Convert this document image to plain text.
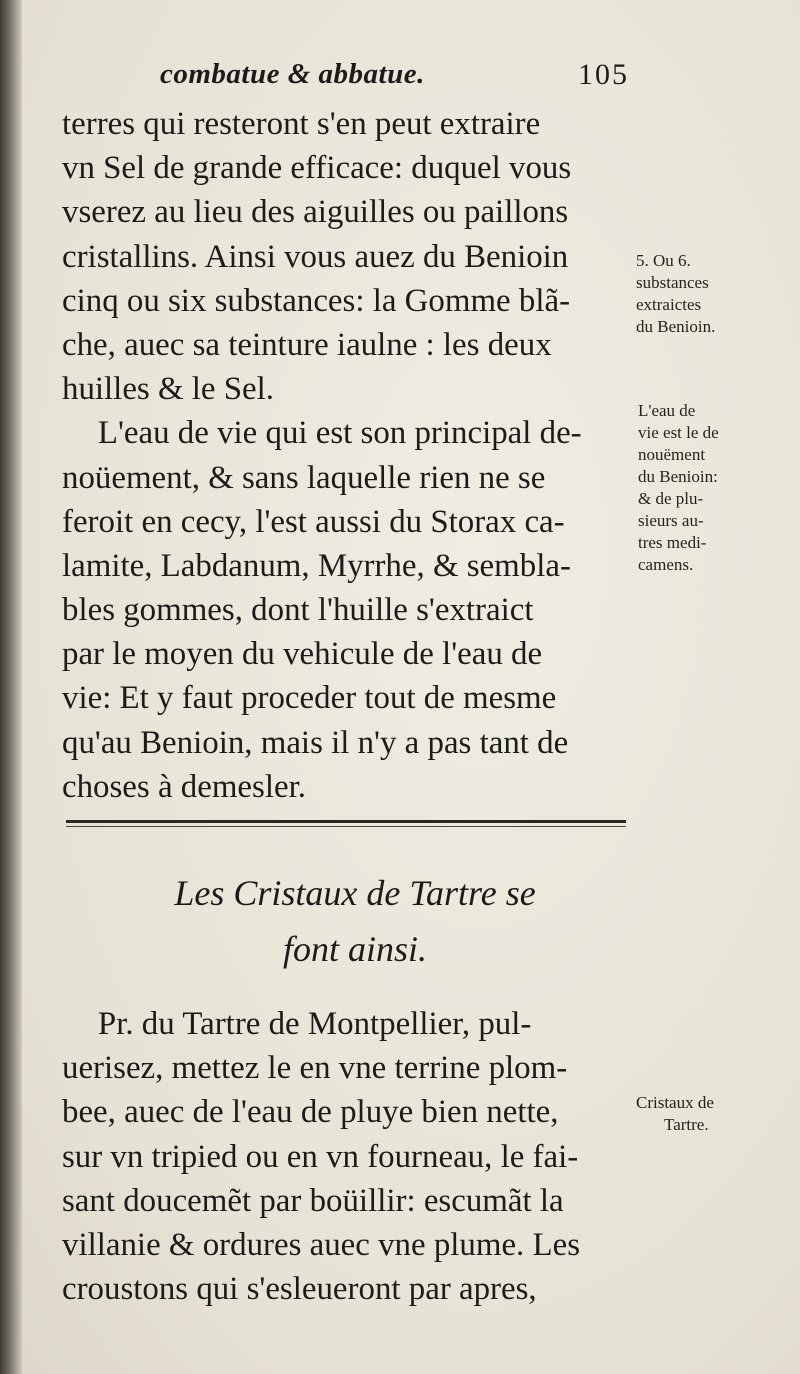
combatue & abbatue.	105
terres qui resteront s'en peut extraire
vn Sel de grande efficace: duquel vous
vserez au lieu des aiguilles ou paillons
cristallins. Ainsi vous auez du Benioin
cinq ou six substances: la Gomme blã-
che, auec sa teinture iaulne : les deux
huilles & le Sel.
L'eau de vie qui est son principal de-
noüement, & sans laquelle rien ne se
feroit en cecy, l'est aussi du Storax ca-
lamite, Labdanum, Myrrhe, & sembla-
bles gommes, dont l'huille s'extraict
par le moyen du vehicule de l'eau de
vie: Et y faut proceder tout de mesme
qu'au Benioin, mais il n'y a pas tant de
choses à demesler.
5. Ou 6.
substances
extraictes
du Benioin.
L'eau de
vie est le de
nouëment
du Benioin:
& de plu-
sieurs au-
tres medi-
camens.
Les Cristaux de Tartre se
font ainsi.
Pr. du Tartre de Montpellier, pul-
uerisez, mettez le en vne terrine plom-
bee, auec de l'eau de pluye bien nette,
sur vn tripied ou en vn fourneau, le fai-
sant doucemẽt par boüillir: escumãt la
villanie & ordures auec vne plume. Les
croustons qui s'esleueront par apres,
Cristaux de
Tartre.
